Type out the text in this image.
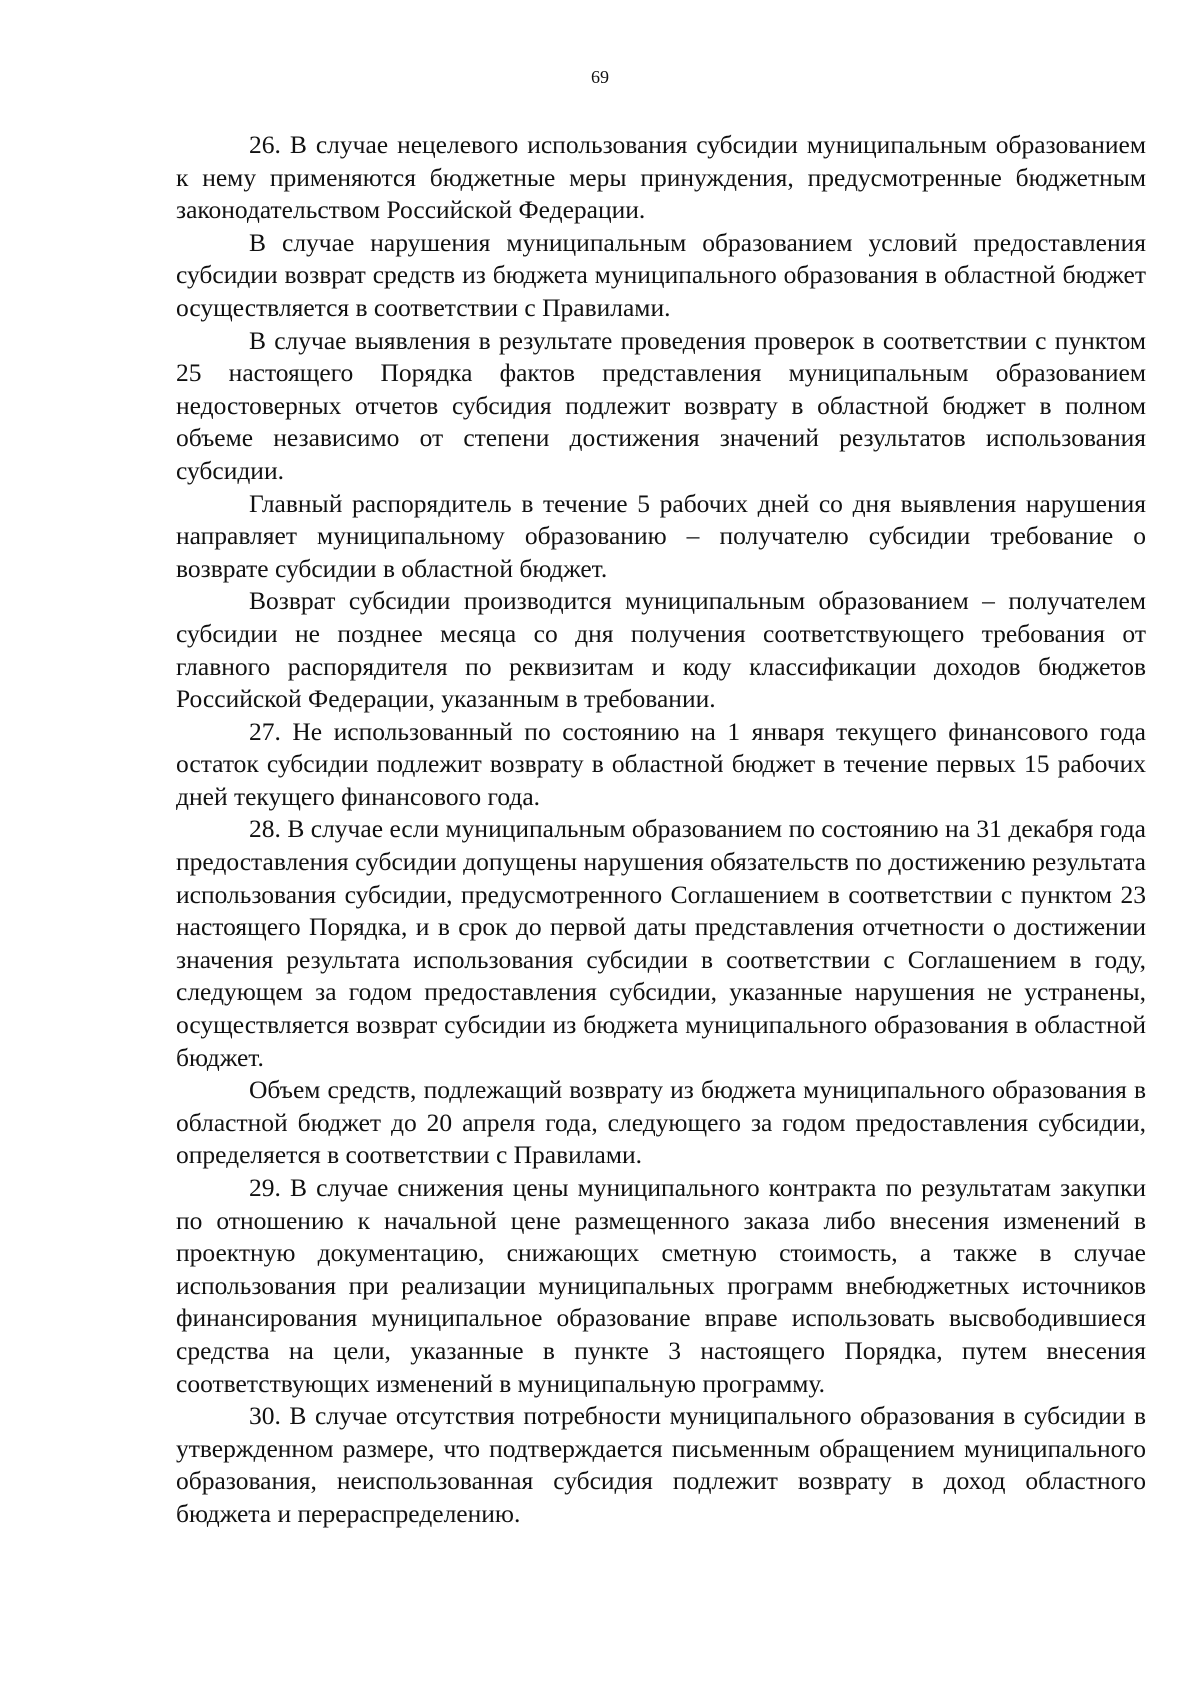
69

26. В случае нецелевого использования субсидии муниципальным образованием к нему применяются бюджетные меры принуждения, предусмотренные бюджетным законодательством Российской Федерации.

В случае нарушения муниципальным образованием условий предоставления субсидии возврат средств из бюджета муниципального образования в областной бюджет осуществляется в соответствии с Правилами.

В случае выявления в результате проведения проверок в соответствии с пунктом 25 настоящего Порядка фактов представления муниципальным образованием недостоверных отчетов субсидия подлежит возврату в областной бюджет в полном объеме независимо от степени достижения значений результатов использования субсидии.

Главный распорядитель в течение 5 рабочих дней со дня выявления нарушения направляет муниципальному образованию – получателю субсидии требование о возврате субсидии в областной бюджет.

Возврат субсидии производится муниципальным образованием – получателем субсидии не позднее месяца со дня получения соответствующего требования от главного распорядителя по реквизитам и коду классификации доходов бюджетов Российской Федерации, указанным в требовании.

27. Не использованный по состоянию на 1 января текущего финансового года остаток субсидии подлежит возврату в областной бюджет в течение первых 15 рабочих дней текущего финансового года.

28. В случае если муниципальным образованием по состоянию на 31 декабря года предоставления субсидии допущены нарушения обязательств по достижению результата использования субсидии, предусмотренного Соглашением в соответствии с пунктом 23 настоящего Порядка, и в срок до первой даты представления отчетности о достижении значения результата использования субсидии в соответствии с Соглашением в году, следующем за годом предоставления субсидии, указанные нарушения не устранены, осуществляется возврат субсидии из бюджета муниципального образования в областной бюджет.

Объем средств, подлежащий возврату из бюджета муниципального образования в областной бюджет до 20 апреля года, следующего за годом предоставления субсидии, определяется в соответствии с Правилами.

29. В случае снижения цены муниципального контракта по результатам закупки по отношению к начальной цене размещенного заказа либо внесения изменений в проектную документацию, снижающих сметную стоимость, а также в случае использования при реализации муниципальных программ внебюджетных источников финансирования муниципальное образование вправе использовать высвободившиеся средства на цели, указанные в пункте 3 настоящего Порядка, путем внесения соответствующих изменений в муниципальную программу.

30. В случае отсутствия потребности муниципального образования в субсидии в утвержденном размере, что подтверждается письменным обращением муниципального образования, неиспользованная субсидия подлежит возврату в доход областного бюджета и перераспределению.
